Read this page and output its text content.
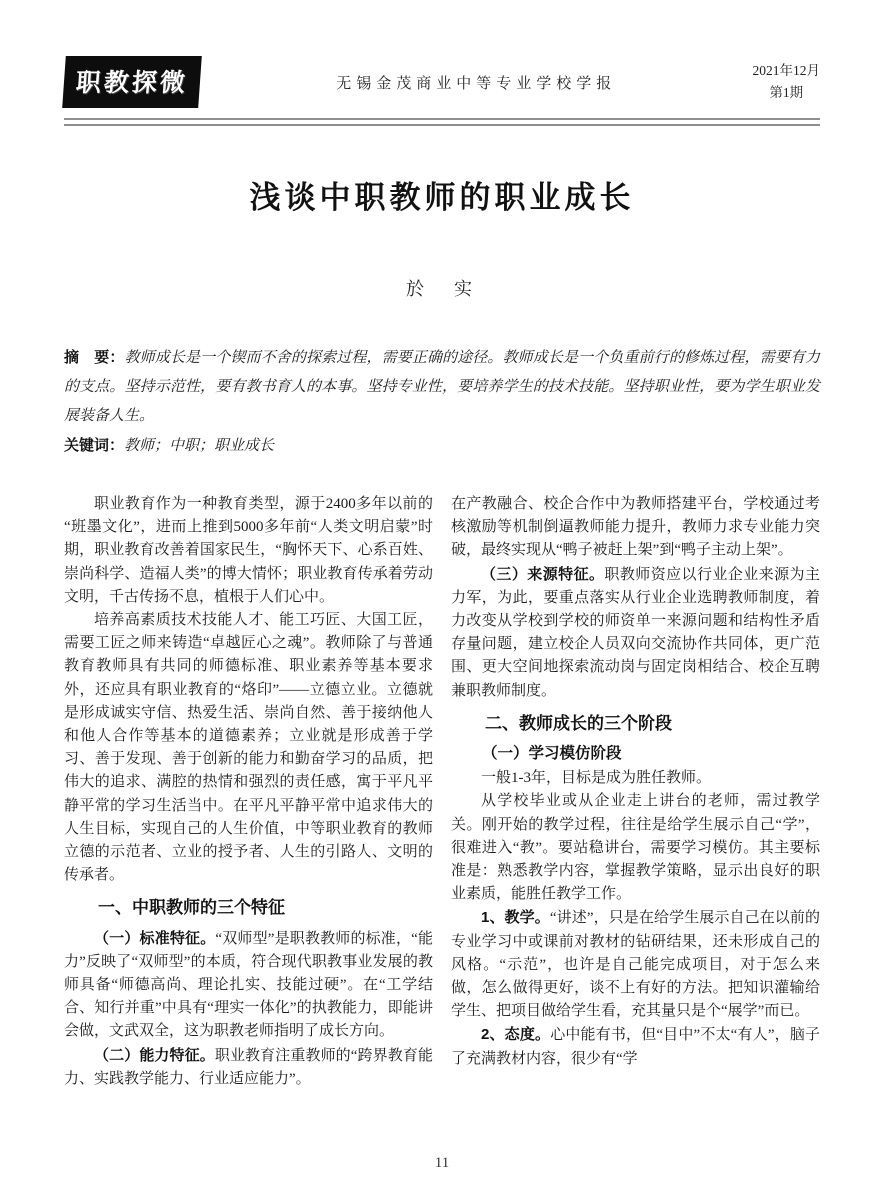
职教探微	无锡金茂商业中等专业学校学报
2021年12月
第1期
浅谈中职教师的职业成长
於　实
摘　要：教师成长是一个锲而不舍的探索过程，需要正确的途径。教师成长是一个负重前行的修炼过程，需要有力的支点。坚持示范性，要有教书育人的本事。坚持专业性，要培养学生的技术技能。坚持职业性，要为学生职业发展装备人生。
关键词：教师；中职；职业成长

职业教育作为一种教育类型，源于2400多年以前的“班墨文化”，进而上推到5000多年前“人类文明启蒙”时期，职业教育改善着国家民生，“胸怀天下、心系百姓、崇尚科学、造福人类”的博大情怀；职业教育传承着劳动文明，千古传扬不息，植根于人们心中。

培养高素质技术技能人才、能工巧匠、大国工匠，需要工匠之师来铸造“卓越匠心之魂”。教师除了与普通教育教师具有共同的师德标准、职业素养等基本要求外，还应具有职业教育的“烙印”——立德立业。立德就是形成诚实守信、热爱生活、崇尚自然、善于接纳他人和他人合作等基本的道德素养；立业就是形成善于学习、善于发现、善于创新的能力和勤奋学习的品质，把伟大的追求、满腔的热情和强烈的责任感，寓于平凡平静平常的学习生活当中。在平凡平静平常中追求伟大的人生目标，实现自己的人生价值，中等职业教育的教师立德的示范者、立业的授予者、人生的引路人、文明的传承者。

一、中职教师的三个特征

（一）标准特征。“双师型”是职教教师的标准，“能力”反映了“双师型”的本质，符合现代职教事业发展的教师具备“师德高尚、理论扎实、技能过硬”。在“工学结合、知行并重”中具有“理实一体化”的执教能力，即能讲会做，文武双全，这为职教老师指明了成长方向。

（二）能力特征。职业教育注重教师的“跨界教育能力、实践教学能力、行业适应能力”。

在产教融合、校企合作中为教师搭建平台，学校通过考核激励等机制倒逼教师能力提升，教师力求专业能力突破，最终实现从“鸭子被赶上架”到“鸭子主动上架”。

（三）来源特征。职教师资应以行业企业来源为主力军，为此，要重点落实从行业企业选聘教师制度，着力改变从学校到学校的师资单一来源问题和结构性矛盾存量问题，建立校企人员双向交流协作共同体，更广范围、更大空间地探索流动岗与固定岗相结合、校企互聘兼职教师制度。

二、教师成长的三个阶段
（一）学习模仿阶段

一般1-3年，目标是成为胜任教师。

从学校毕业或从企业走上讲台的老师，需过教学关。刚开始的教学过程，往往是给学生展示自己“学”，很难进入“教”。要站稳讲台，需要学习模仿。其主要标准是：熟悉教学内容，掌握教学策略，显示出良好的职业素质，能胜任教学工作。

1、教学。“讲述”，只是在给学生展示自己在以前的专业学习中或课前对教材的钻研结果，还未形成自己的风格。“示范”，也许是自己能完成项目，对于怎么来做，怎么做得更好，谈不上有好的方法。把知识灌输给学生、把项目做给学生看，充其量只是个“展学”而已。

2、态度。心中能有书，但“目中”不太“有人”，脑子了充满教材内容，很少有“学

11
